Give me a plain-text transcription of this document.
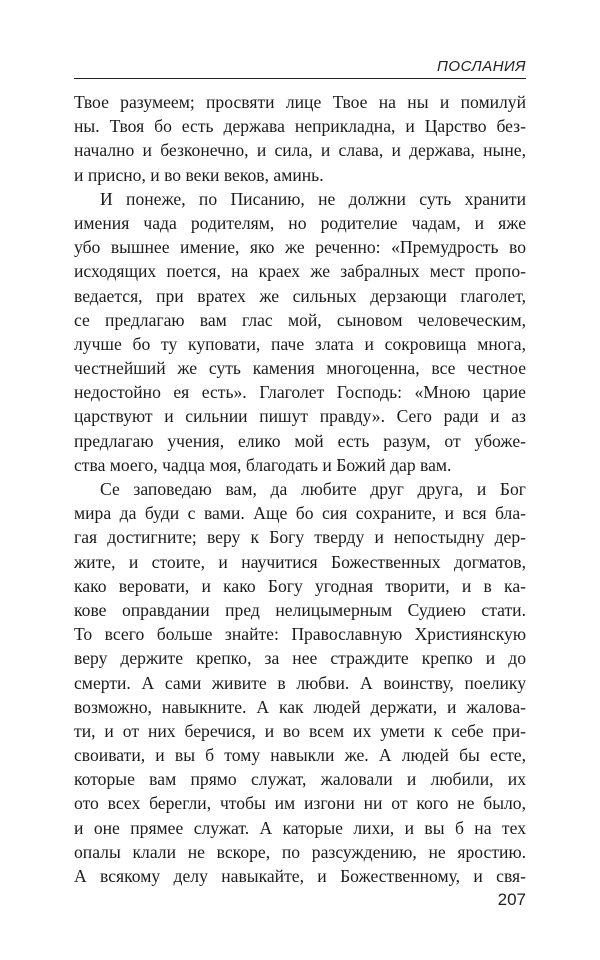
ПОСЛАНИЯ
Твое разумеем; просвяти лице Твое на ны и помилуй
ны. Твоя бо есть держава неприкладна, и Царство без-
начално и безконечно, и сила, и слава, и держава, ныне,
и присно, и во веки веков, аминь.
И понеже, по Писанию, не должни суть хранити
имения чада родителям, но родителие чадам, и яже
убо вышнее имение, яко же реченно: «Премудрость во
исходящих поется, на краех же забралных мест пропо-
ведается, при вратех же сильных дерзающи глаголет,
се предлагаю вам глас мой, сыновом человеческим,
лучше бо ту куповати, паче злата и сокровища многа,
честнейший же суть камения многоценна, все честное
недостойно ея есть». Глаголет Господь: «Мною царие
царствуют и сильнии пишут правду». Сего ради и аз
предлагаю учения, елико мой есть разум, от убоже-
ства моего, чадца моя, благодать и Божий дар вам.
Се заповедаю вам, да любите друг друга, и Бог
мира да буди с вами. Аще бо сия сохраните, и вся бла-
гая достигните; веру к Богу тверду и непостыдну дер-
жите, и стоите, и научитися Божественных догматов,
како веровати, и како Богу угодная творити, и в ка-
кове оправдании пред нелицымерным Судиею стати.
То всего больше знайте: Православную Християнскую
веру держите крепко, за нее страждите крепко и до
смерти. А сами живите в любви. А воинству, поелику
возможно, навыкните. А как людей держати, и жаловa-
ти, и от них беречися, и во всем их умети к себе при-
своивати, и вы б тому навыкли же. А людей бы есте,
которые вам прямо служат, жаловали и любили, их
ото всех берегли, чтобы им изгони ни от кого не было,
и оне прямее служат. А каторые лихи, и вы б на тех
опалы клали не вскоре, по разсуждению, не яростию.
А всякому делу навыкайте, и Божественному, и свя-
207
